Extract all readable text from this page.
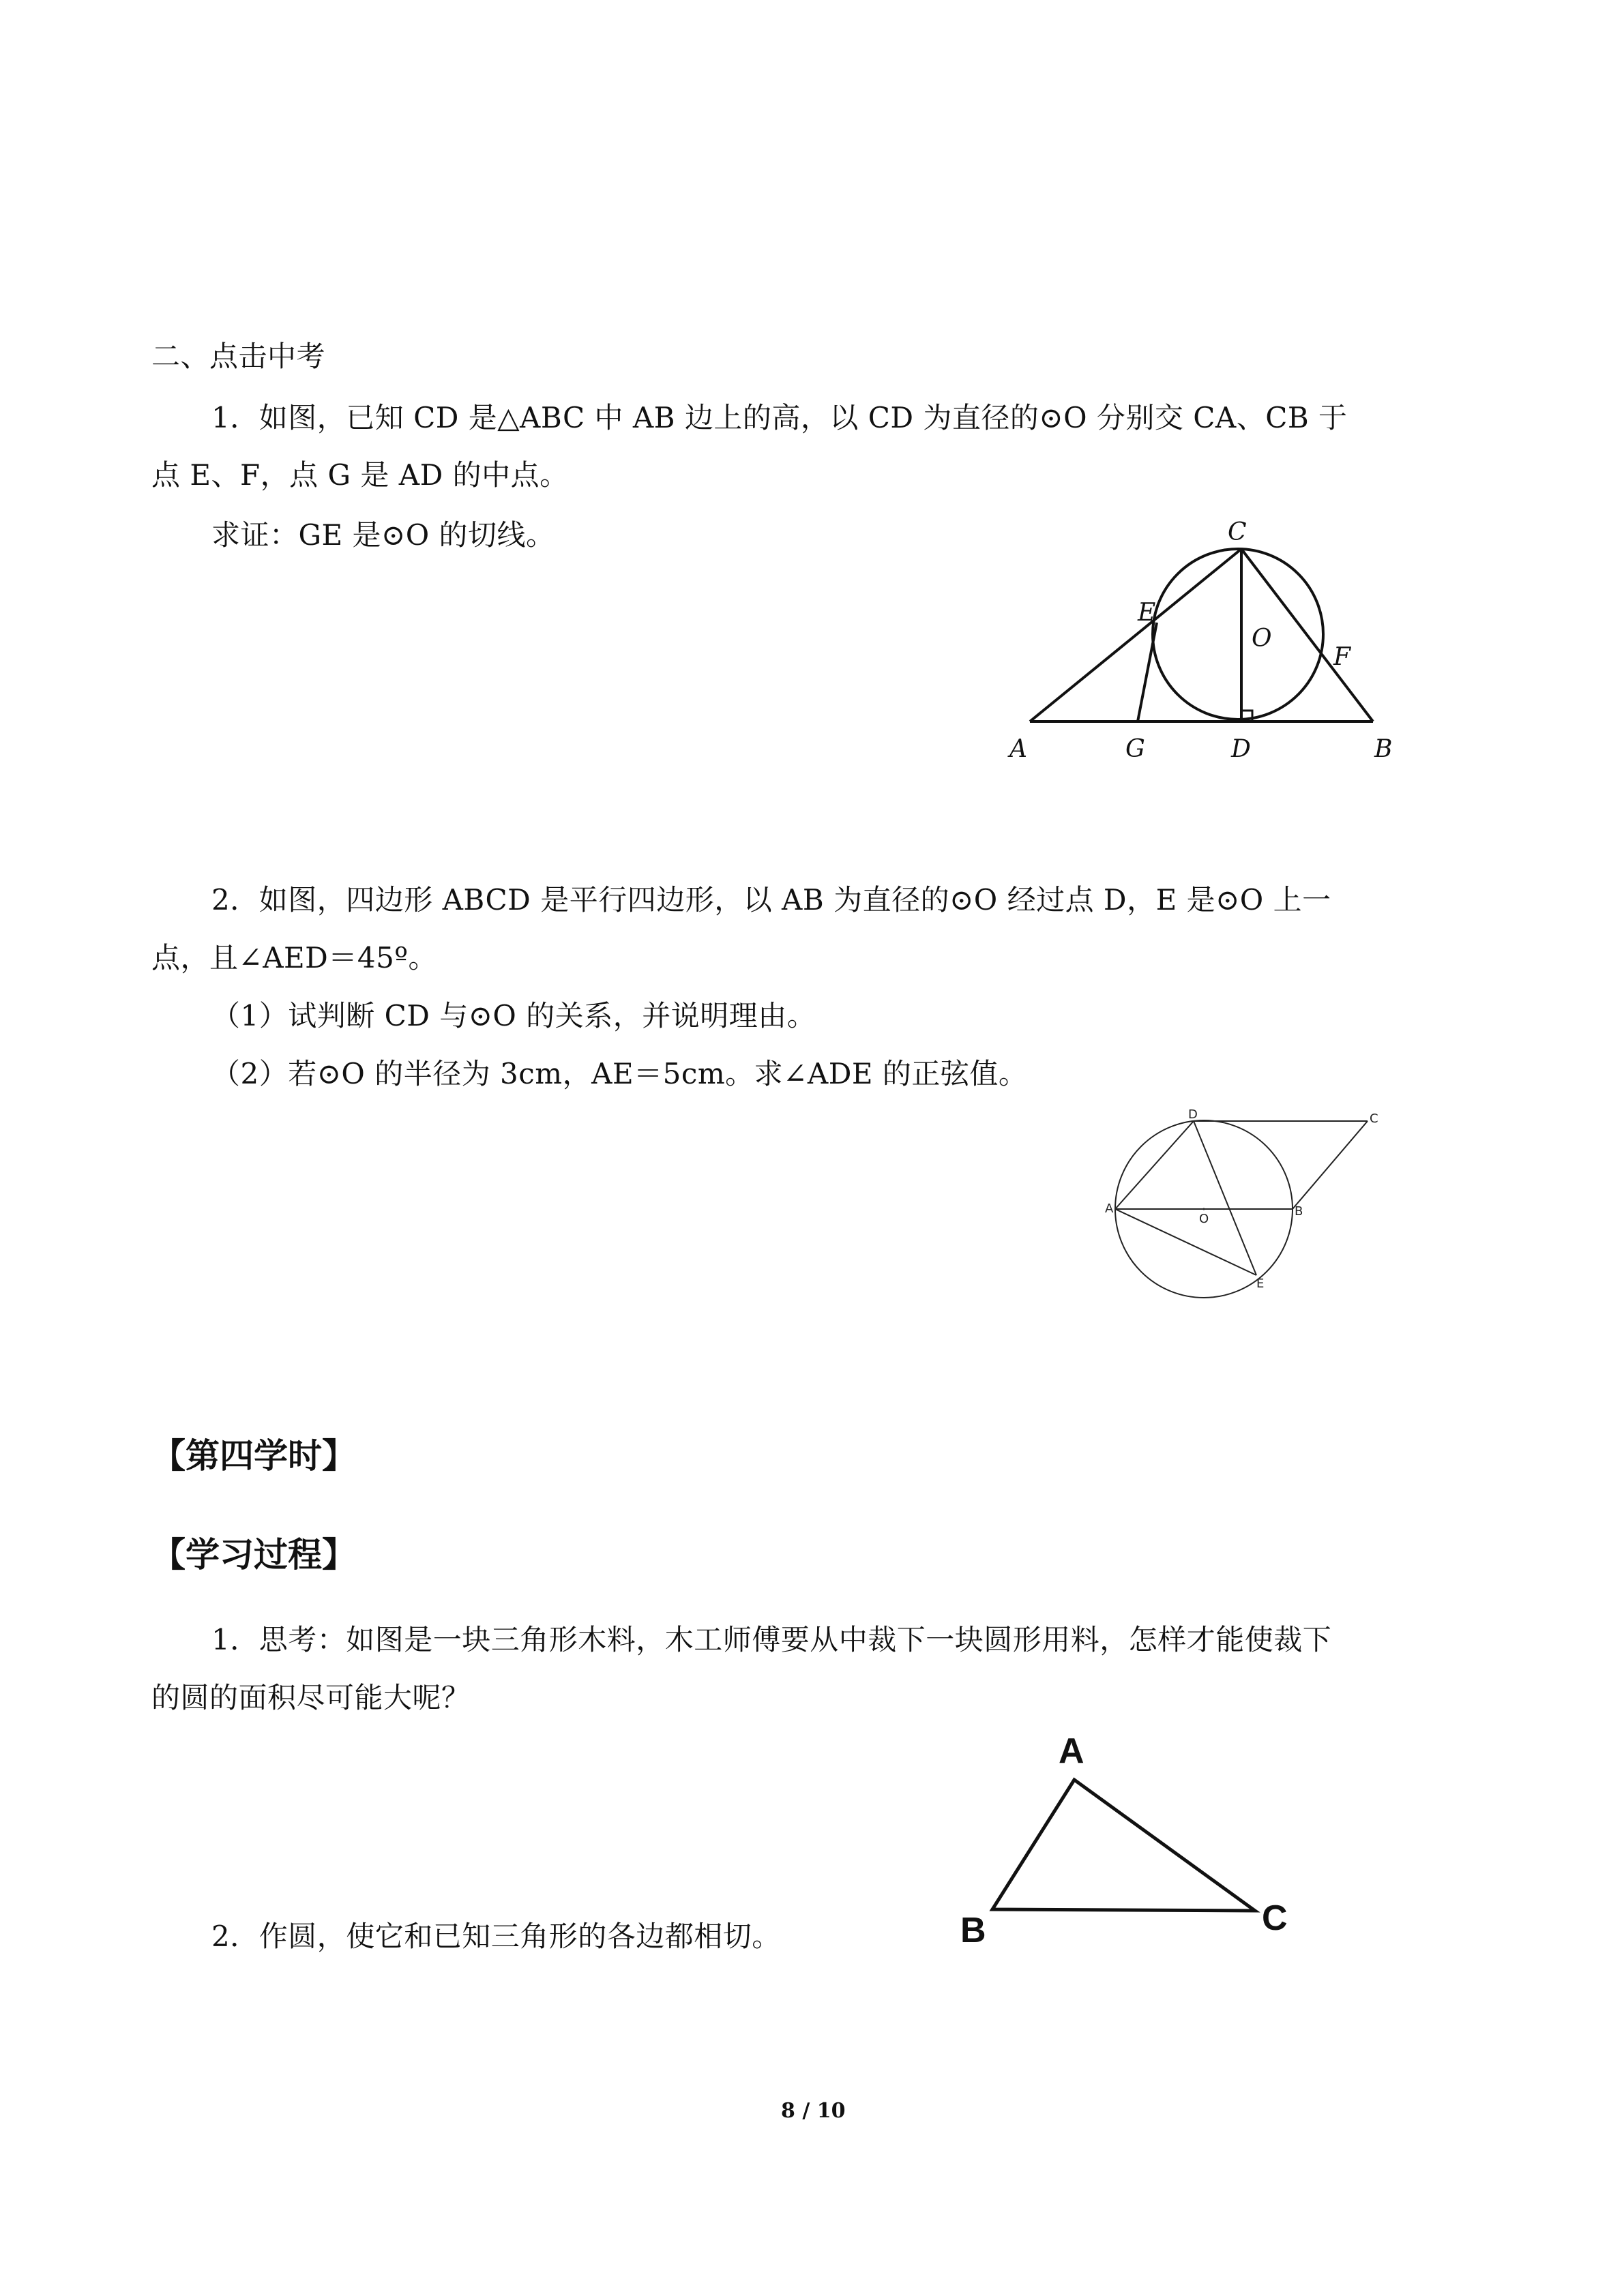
二、点击中考
1．如图，已知 CD 是△ABC 中 AB 边上的高，以 CD 为直径的⊙O 分别交 CA、CB 于
点 E、F，点 G 是 AD 的中点。
求证：GE 是⊙O 的切线。
A	G	D	B
C
E
F
O
2．如图，四边形 ABCD 是平行四边形，以 AB 为直径的⊙O 经过点 D，E 是⊙O 上一
点，且∠AED＝45º。
（1）试判断 CD 与⊙O 的关系，并说明理由。
（2）若⊙O 的半径为 3cm，AE＝5cm。求∠ADE 的正弦值。
A	B
C
D
E
O
【第四学时】
【学习过程】
1．思考：如图是一块三角形木料，木工师傅要从中裁下一块圆形用料，怎样才能使裁下
的圆的面积尽可能大呢？
A
B	C
2．作圆，使它和已知三角形的各边都相切。
8 / 10
